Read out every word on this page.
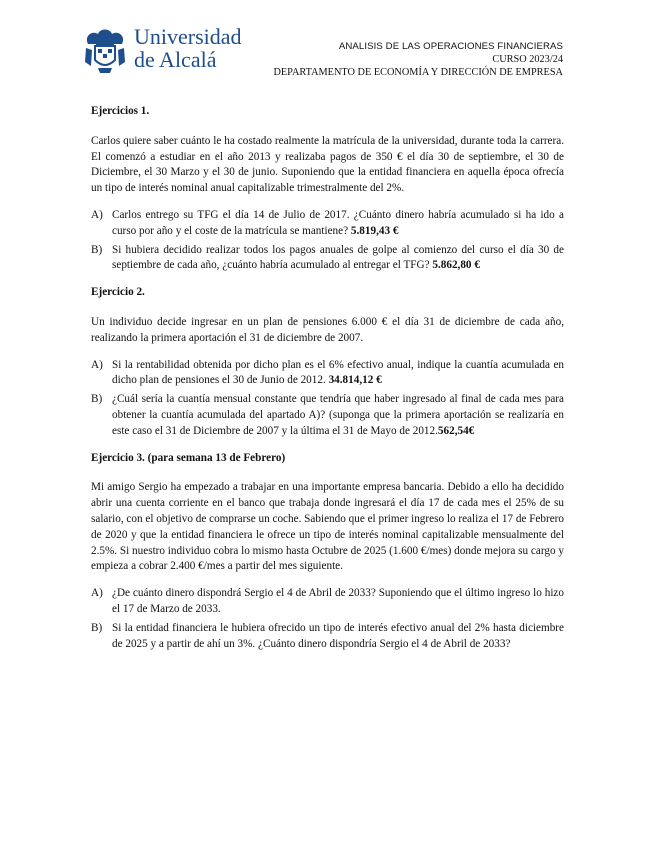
Universidad
de Alcalá
ANALISIS DE LAS OPERACIONES FINANCIERAS
CURSO 2023/24
DEPARTAMENTO DE ECONOMÍA Y DIRECCIÓN DE EMPRESA
Ejercicios 1.
Carlos quiere saber cuánto le ha costado realmente la matrícula de la universidad, durante toda la carrera. El comenzó a estudiar en el año 2013 y realizaba pagos de 350 € el día 30 de septiembre, el 30 de Diciembre, el 30 Marzo y el 30 de junio. Suponiendo que la entidad financiera en aquella época ofrecía un tipo de interés nominal anual capitalizable trimestralmente del 2%.
A) Carlos entrego su TFG el día 14 de Julio de 2017. ¿Cuánto dinero habría acumulado si ha ido a curso por año y el coste de la matrícula se mantiene? 5.819,43 €
B) Si hubiera decidido realizar todos los pagos anuales de golpe al comienzo del curso el día 30 de septiembre de cada año, ¿cuánto habría acumulado al entregar el TFG? 5.862,80 €
Ejercicio 2.
Un individuo decide ingresar en un plan de pensiones 6.000 € el día 31 de diciembre de cada año, realizando la primera aportación el 31 de diciembre de 2007.
A) Si la rentabilidad obtenida por dicho plan es el 6% efectivo anual, indique la cuantía acumulada en dicho plan de pensiones el 30 de Junio de 2012. 34.814,12 €
B) ¿Cuál sería la cuantía mensual constante que tendría que haber ingresado al final de cada mes para obtener la cuantía acumulada del apartado A)? (suponga que la primera aportación se realizaría en este caso el 31 de Diciembre de 2007 y la última el 31 de Mayo de 2012.562,54€
Ejercicio 3. (para semana 13 de Febrero)
Mi amigo Sergio ha empezado a trabajar en una importante empresa bancaria. Debido a ello ha decidido abrir una cuenta corriente en el banco que trabaja donde ingresará el día 17 de cada mes el 25% de su salario, con el objetivo de comprarse un coche. Sabiendo que el primer ingreso lo realiza el 17 de Febrero de 2020 y que la entidad financiera le ofrece un tipo de interés nominal capitalizable mensualmente del 2.5%. Si nuestro individuo cobra lo mismo hasta Octubre de 2025 (1.600 €/mes) donde mejora su cargo y empieza a cobrar 2.400 €/mes a partir del mes siguiente.
A) ¿De cuánto dinero dispondrá Sergio el 4 de Abril de 2033? Suponiendo que el último ingreso lo hizo el 17 de Marzo de 2033.
B) Si la entidad financiera le hubiera ofrecido un tipo de interés efectivo anual del 2% hasta diciembre de 2025 y a partir de ahí un 3%. ¿Cuánto dinero dispondría Sergio el 4 de Abril de 2033?
